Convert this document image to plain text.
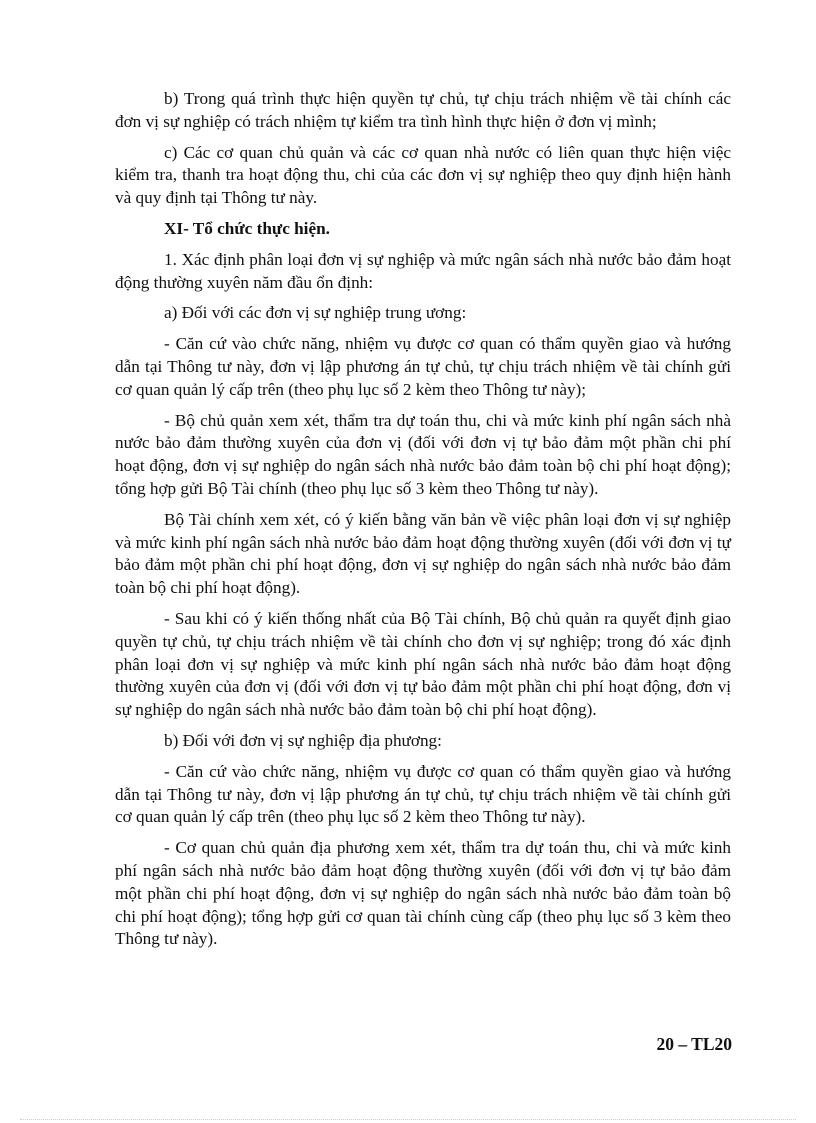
b) Trong quá trình thực hiện quyền tự chủ, tự chịu trách nhiệm về tài chính các đơn vị sự nghiệp có trách nhiệm tự kiểm tra tình hình thực hiện ở đơn vị mình;

c) Các cơ quan chủ quản và các cơ quan nhà nước có liên quan thực hiện việc kiểm tra, thanh tra hoạt động thu, chi của các đơn vị sự nghiệp theo quy định hiện hành và quy định tại Thông tư này.

XI- Tổ chức thực hiện.

1. Xác định phân loại đơn vị sự nghiệp và mức ngân sách nhà nước bảo đảm hoạt động thường xuyên năm đầu ổn định:

a) Đối với các đơn vị sự nghiệp trung ương:

- Căn cứ vào chức năng, nhiệm vụ được cơ quan có thẩm quyền giao và hướng dẫn tại Thông tư này, đơn vị lập phương án tự chủ, tự chịu trách nhiệm về tài chính gửi cơ quan quản lý cấp trên (theo phụ lục số 2 kèm theo Thông tư này);

- Bộ chủ quản xem xét, thẩm tra dự toán thu, chi và mức kinh phí ngân sách nhà nước bảo đảm thường xuyên của đơn vị (đối với đơn vị tự bảo đảm một phần chi phí hoạt động, đơn vị sự nghiệp do ngân sách nhà nước bảo đảm toàn bộ chi phí hoạt động); tổng hợp gửi Bộ Tài chính (theo phụ lục số 3 kèm theo Thông tư này).

Bộ Tài chính xem xét, có ý kiến bằng văn bản về việc phân loại đơn vị sự nghiệp và mức kinh phí ngân sách nhà nước bảo đảm hoạt động thường xuyên (đối với đơn vị tự bảo đảm một phần chi phí hoạt động, đơn vị sự nghiệp do ngân sách nhà nước bảo đảm toàn bộ chi phí hoạt động).

- Sau khi có ý kiến thống nhất của Bộ Tài chính, Bộ chủ quản ra quyết định giao quyền tự chủ, tự chịu trách nhiệm về tài chính cho đơn vị sự nghiệp; trong đó xác định phân loại đơn vị sự nghiệp và mức kinh phí ngân sách nhà nước bảo đảm hoạt động thường xuyên của đơn vị (đối với đơn vị tự bảo đảm một phần chi phí hoạt động, đơn vị sự nghiệp do ngân sách nhà nước bảo đảm toàn bộ chi phí hoạt động).

b) Đối với đơn vị sự nghiệp địa phương:

- Căn cứ vào chức năng, nhiệm vụ được cơ quan có thẩm quyền giao và hướng dẫn tại Thông tư này, đơn vị lập phương án tự chủ, tự chịu trách nhiệm về tài chính gửi cơ quan quản lý cấp trên (theo phụ lục số 2 kèm theo Thông tư này).

- Cơ quan chủ quản địa phương xem xét, thẩm tra dự toán thu, chi và mức kinh phí ngân sách nhà nước bảo đảm hoạt động thường xuyên (đối với đơn vị tự bảo đảm một phần chi phí hoạt động, đơn vị sự nghiệp do ngân sách nhà nước bảo đảm toàn bộ chi phí hoạt động); tổng hợp gửi cơ quan tài chính cùng cấp (theo phụ lục số 3 kèm theo Thông tư này).

20 – TL20
